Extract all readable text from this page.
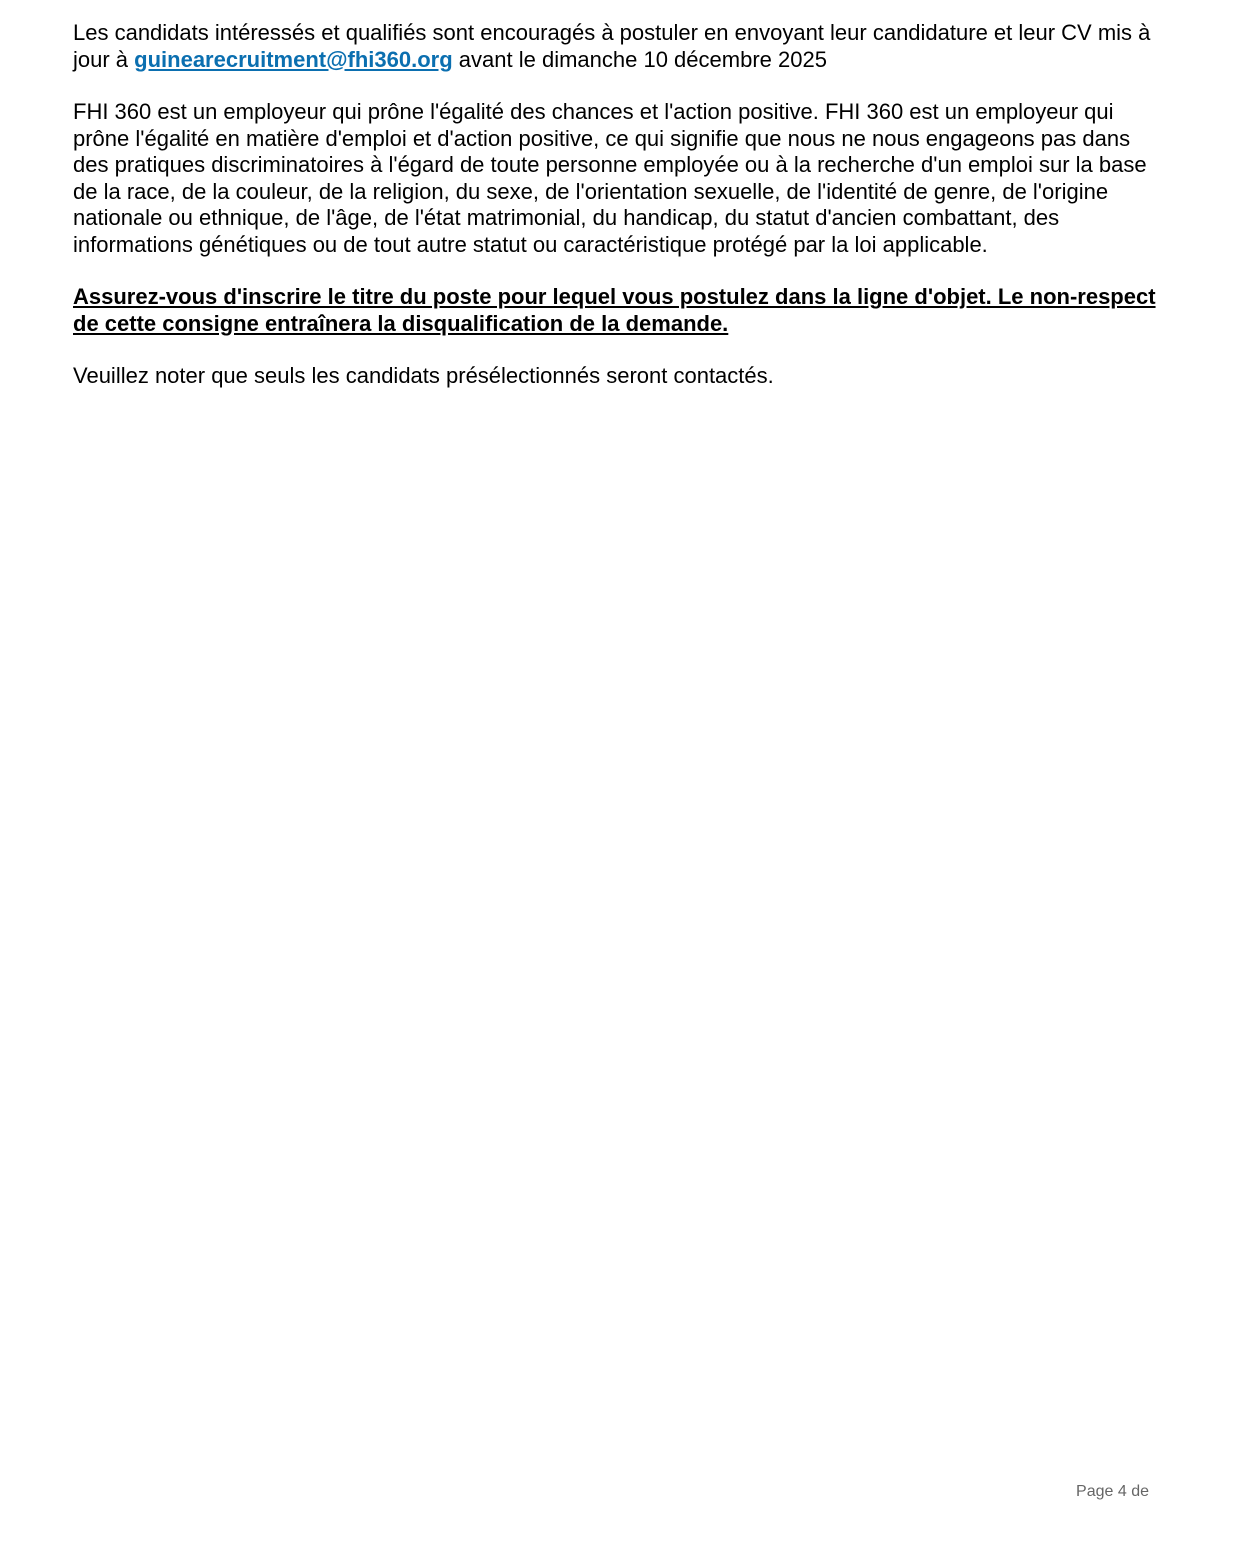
Les candidats intéressés et qualifiés sont encouragés à postuler en envoyant leur candidature et leur CV mis à jour à guinearecruitment@fhi360.org avant le dimanche 10 décembre 2025

FHI 360 est un employeur qui prône l'égalité des chances et l'action positive. FHI 360 est un employeur qui prône l'égalité en matière d'emploi et d'action positive, ce qui signifie que nous ne nous engageons pas dans des pratiques discriminatoires à l'égard de toute personne employée ou à la recherche d'un emploi sur la base de la race, de la couleur, de la religion, du sexe, de l'orientation sexuelle, de l'identité de genre, de l'origine nationale ou ethnique, de l'âge, de l'état matrimonial, du handicap, du statut d'ancien combattant, des informations génétiques ou de tout autre statut ou caractéristique protégé par la loi applicable.

Assurez-vous d'inscrire le titre du poste pour lequel vous postulez dans la ligne d'objet. Le non-respect de cette consigne entraînera la disqualification de la demande.

Veuillez noter que seuls les candidats présélectionnés seront contactés.

Page 4 de
